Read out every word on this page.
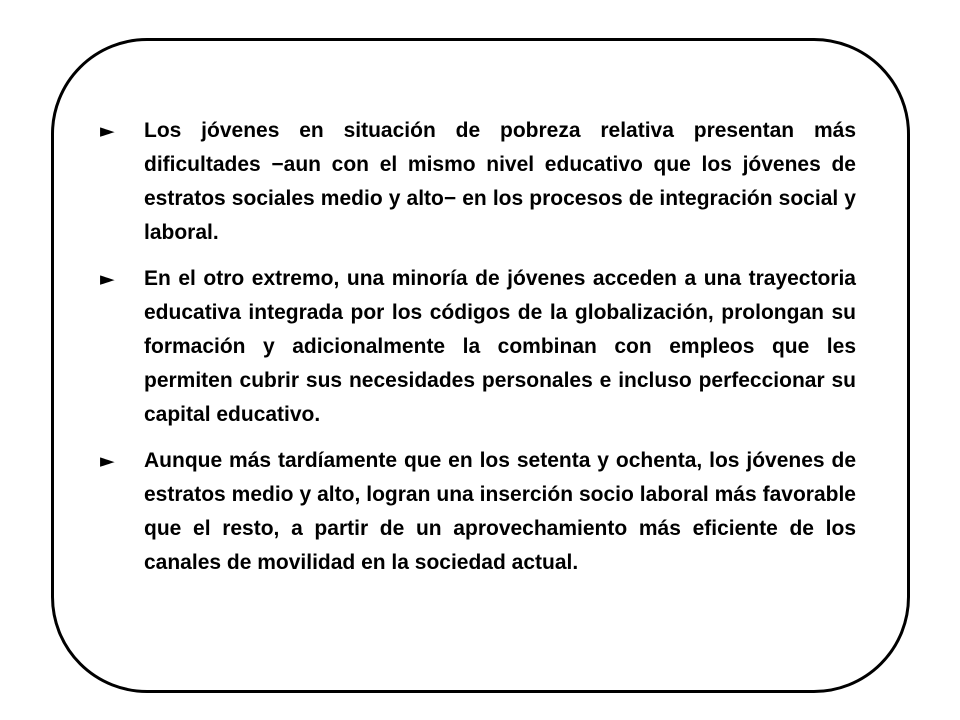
►	Los jóvenes en situación de pobreza relativa presentan más dificultades −aun con el mismo nivel educativo que los jóvenes de estratos sociales medio y alto− en los procesos de integración social y laboral.
►	En el otro extremo, una minoría de jóvenes acceden a una trayectoria educativa integrada por los códigos de la globalización, prolongan su formación y adicionalmente la combinan con empleos que les permiten cubrir sus necesidades personales e incluso perfeccionar su capital educativo.
►	Aunque más tardíamente que en los setenta y ochenta, los jóvenes de estratos medio y alto, logran una inserción socio laboral más favorable que el resto, a partir de un aprovechamiento más eficiente de los canales de movilidad en la sociedad actual.
